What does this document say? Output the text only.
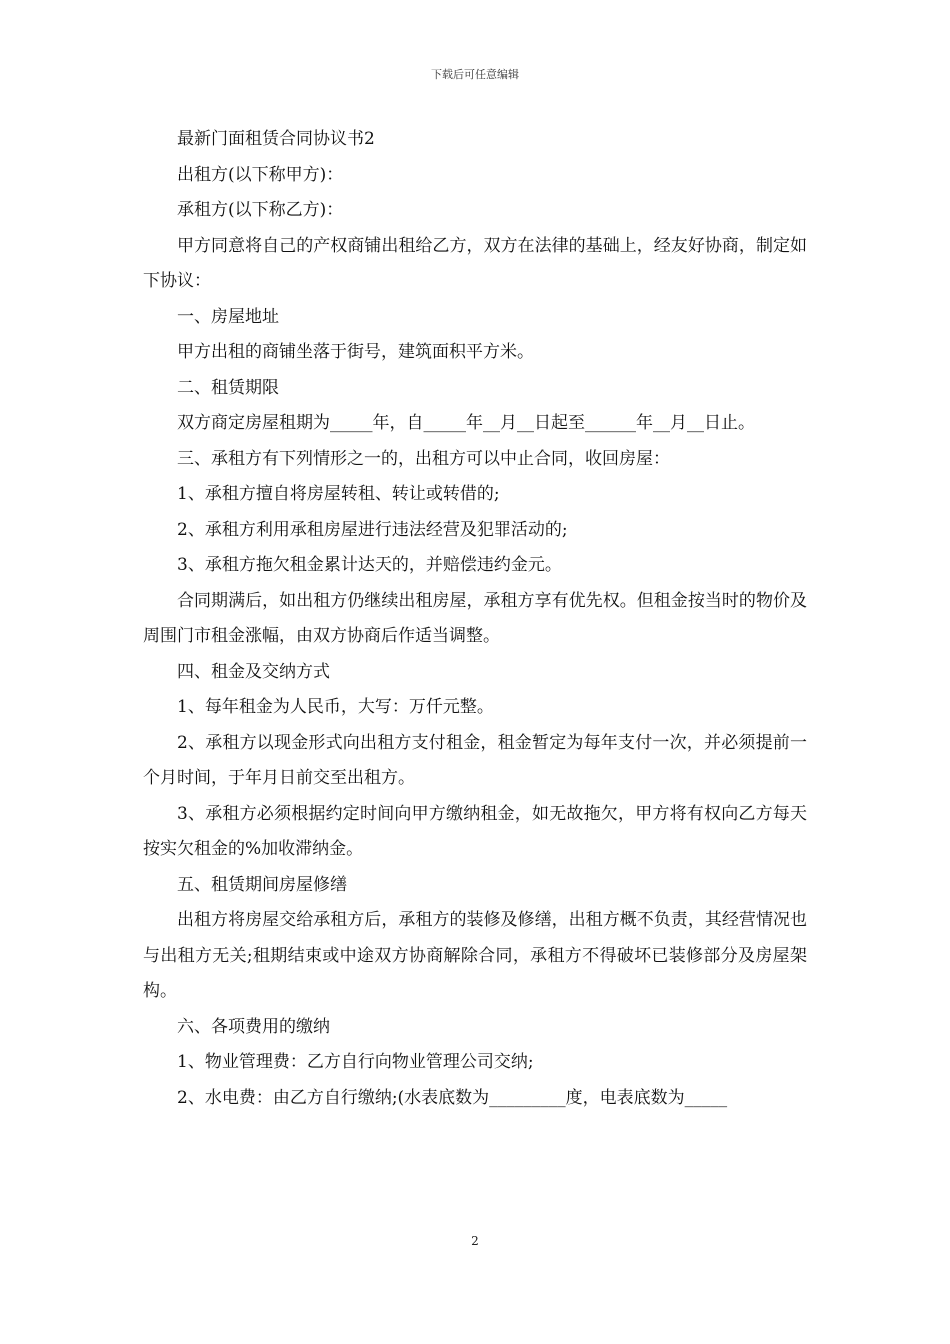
下载后可任意编辑

最新门面租赁合同协议书2

出租方(以下称甲方)：

承租方(以下称乙方)：

甲方同意将自己的产权商铺出租给乙方，双方在法律的基础上，经友好协商，制定如下协议：

一、房屋地址

甲方出租的商铺坐落于街号，建筑面积平方米。

二、租赁期限

双方商定房屋租期为_____年，自_____年__月__日起至______年__月__日止。

三、承租方有下列情形之一的，出租方可以中止合同，收回房屋：

1、承租方擅自将房屋转租、转让或转借的;

2、承租方利用承租房屋进行违法经营及犯罪活动的;

3、承租方拖欠租金累计达天的，并赔偿违约金元。

合同期满后，如出租方仍继续出租房屋，承租方享有优先权。但租金按当时的物价及周围门市租金涨幅，由双方协商后作适当调整。

四、租金及交纳方式

1、每年租金为人民币，大写：万仟元整。

2、承租方以现金形式向出租方支付租金，租金暂定为每年支付一次，并必须提前一个月时间，于年月日前交至出租方。

3、承租方必须根据约定时间向甲方缴纳租金，如无故拖欠，甲方将有权向乙方每天按实欠租金的%加收滞纳金。

五、租赁期间房屋修缮

出租方将房屋交给承租方后，承租方的装修及修缮，出租方概不负责，其经营情况也与出租方无关;租期结束或中途双方协商解除合同，承租方不得破坏已装修部分及房屋架构。

六、各项费用的缴纳

1、物业管理费：乙方自行向物业管理公司交纳;

2、水电费：由乙方自行缴纳;(水表底数为_________度，电表底数为_____

2
